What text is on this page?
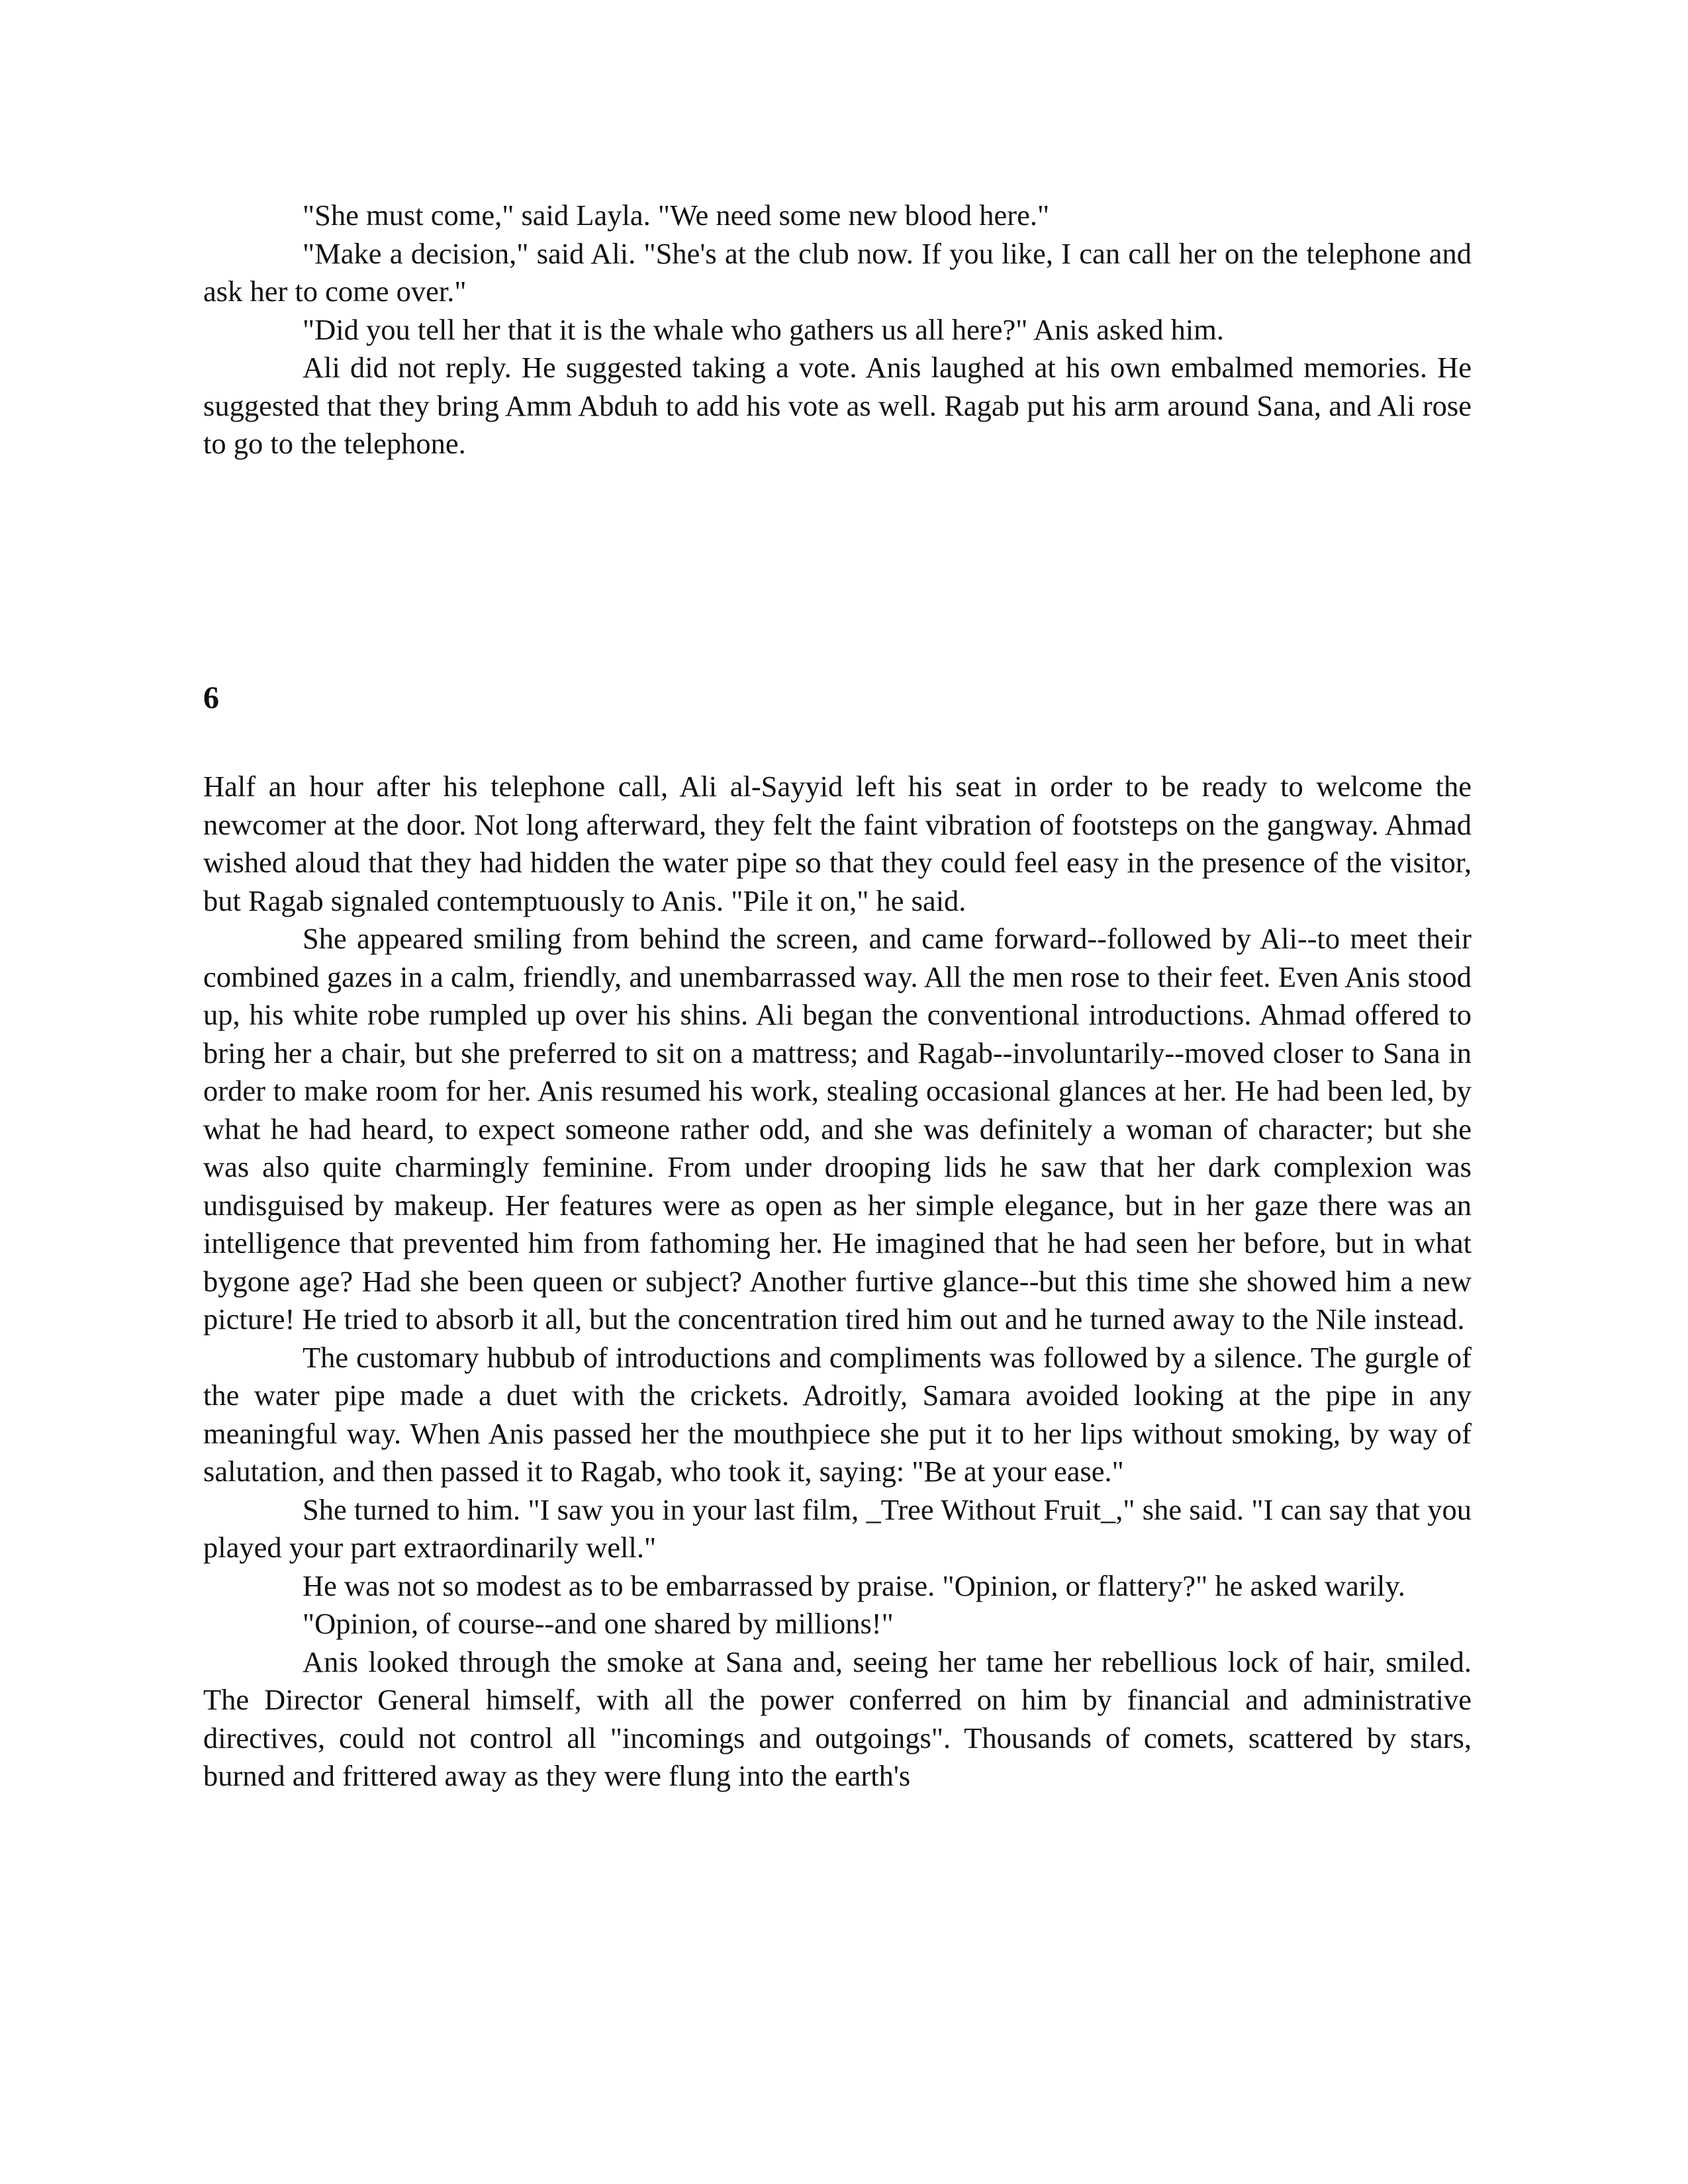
"She must come," said Layla. "We need some new blood here."

"Make a decision," said Ali. "She's at the club now. If you like, I can call her on the telephone and ask her to come over."

"Did you tell her that it is the whale who gathers us all here?" Anis asked him.

Ali did not reply. He suggested taking a vote. Anis laughed at his own embalmed memories. He suggested that they bring Amm Abduh to add his vote as well. Ragab put his arm around Sana, and Ali rose to go to the telephone.

6

Half an hour after his telephone call, Ali al-Sayyid left his seat in order to be ready to welcome the newcomer at the door. Not long afterward, they felt the faint vibration of footsteps on the gangway. Ahmad wished aloud that they had hidden the water pipe so that they could feel easy in the presence of the visitor, but Ragab signaled contemptuously to Anis. "Pile it on," he said.

She appeared smiling from behind the screen, and came forward--followed by Ali--to meet their combined gazes in a calm, friendly, and unembarrassed way. All the men rose to their feet. Even Anis stood up, his white robe rumpled up over his shins. Ali began the conventional introductions. Ahmad offered to bring her a chair, but she preferred to sit on a mattress; and Ragab--involuntarily--moved closer to Sana in order to make room for her. Anis resumed his work, stealing occasional glances at her. He had been led, by what he had heard, to expect someone rather odd, and she was definitely a woman of character; but she was also quite charmingly feminine. From under drooping lids he saw that her dark complexion was undisguised by makeup. Her features were as open as her simple elegance, but in her gaze there was an intelligence that prevented him from fathoming her. He imagined that he had seen her before, but in what bygone age? Had she been queen or subject? Another furtive glance--but this time she showed him a new picture! He tried to absorb it all, but the concentration tired him out and he turned away to the Nile instead.

The customary hubbub of introductions and compliments was followed by a silence. The gurgle of the water pipe made a duet with the crickets. Adroitly, Samara avoided looking at the pipe in any meaningful way. When Anis passed her the mouthpiece she put it to her lips without smoking, by way of salutation, and then passed it to Ragab, who took it, saying: "Be at your ease."

She turned to him. "I saw you in your last film, _Tree Without Fruit_," she said. "I can say that you played your part extraordinarily well."

He was not so modest as to be embarrassed by praise. "Opinion, or flattery?" he asked warily.

"Opinion, of course--and one shared by millions!"

Anis looked through the smoke at Sana and, seeing her tame her rebellious lock of hair, smiled. The Director General himself, with all the power conferred on him by financial and administrative directives, could not control all "incomings and outgoings". Thousands of comets, scattered by stars, burned and frittered away as they were flung into the earth's
